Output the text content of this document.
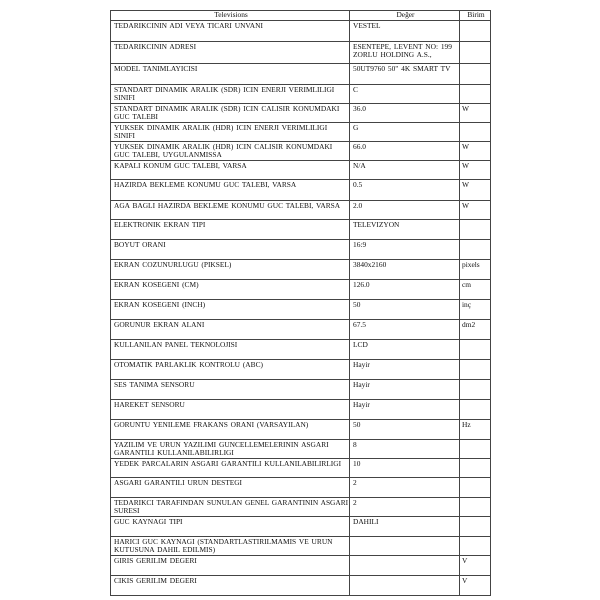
Televisions	Değer	Birim
TEDARIKCININ ADI VEYA TICARI UNVANI	VESTEL	
TEDARIKCININ ADRESI	ESENTEPE, LEVENT NO: 199 ZORLU HOLDING A.S.,	
MODEL TANIMLAYICISI	50UT9760 50" 4K SMART TV	
STANDART DINAMIK ARALIK (SDR) ICIN ENERJI VERIMLILIGI SINIFI	C	
STANDART DINAMIK ARALIK (SDR) ICIN CALISIR KONUMDAKI GUC TALEBI	36.0	W
YUKSEK DINAMIK ARALIK (HDR) ICIN ENERJI VERIMLILIGI SINIFI	G	
YUKSEK DINAMIK ARALIK (HDR) ICIN CALISIR KONUMDAKI GUC TALEBI, UYGULANMISSA	66.0	W
KAPALI KONUM GUC TALEBI, VARSA	N/A	W
HAZIRDA BEKLEME KONUMU GUC TALEBI, VARSA	0.5	W
AGA BAGLI HAZIRDA BEKLEME KONUMU GUC TALEBI, VARSA	2.0	W
ELEKTRONIK EKRAN TIPI	TELEVIZYON	
BOYUT ORANI	16:9	
EKRAN COZUNURLUGU (PIKSEL)	3840x2160	pixels
EKRAN KOSEGENI (CM)	126.0	cm
EKRAN KOSEGENI (INCH)	50	inç
GORUNUR EKRAN ALANI	67.5	dm2
KULLANILAN PANEL TEKNOLOJISI	LCD	
OTOMATIK PARLAKLIK KONTROLU (ABC)	Hayir	
SES TANIMA SENSORU	Hayir	
HAREKET SENSORU	Hayir	
GORUNTU YENILEME FRAKANS ORANI (VARSAYILAN)	50	Hz
YAZILIM VE URUN YAZILIMI GUNCELLEMELERININ ASGARI GARANTILI KULLANILABILIRLIGI	8	
YEDEK PARCALARIN ASGARI GARANTILI KULLANILABILIRLIGI	10	
ASGARI GARANTILI URUN DESTEGI	2	
TEDARIKCI TARAFINDAN SUNULAN GENEL GARANTININ ASGARI SURESI	2	
GUC KAYNAGI TIPI	DAHILI	
HARICI GUC KAYNAGI (STANDARTLASTIRILMAMIS VE URUN KUTUSUNA DAHIL EDILMIS)		
GIRIS GERILIM DEGERI		V
CIKIS GERILIM DEGERI		V
